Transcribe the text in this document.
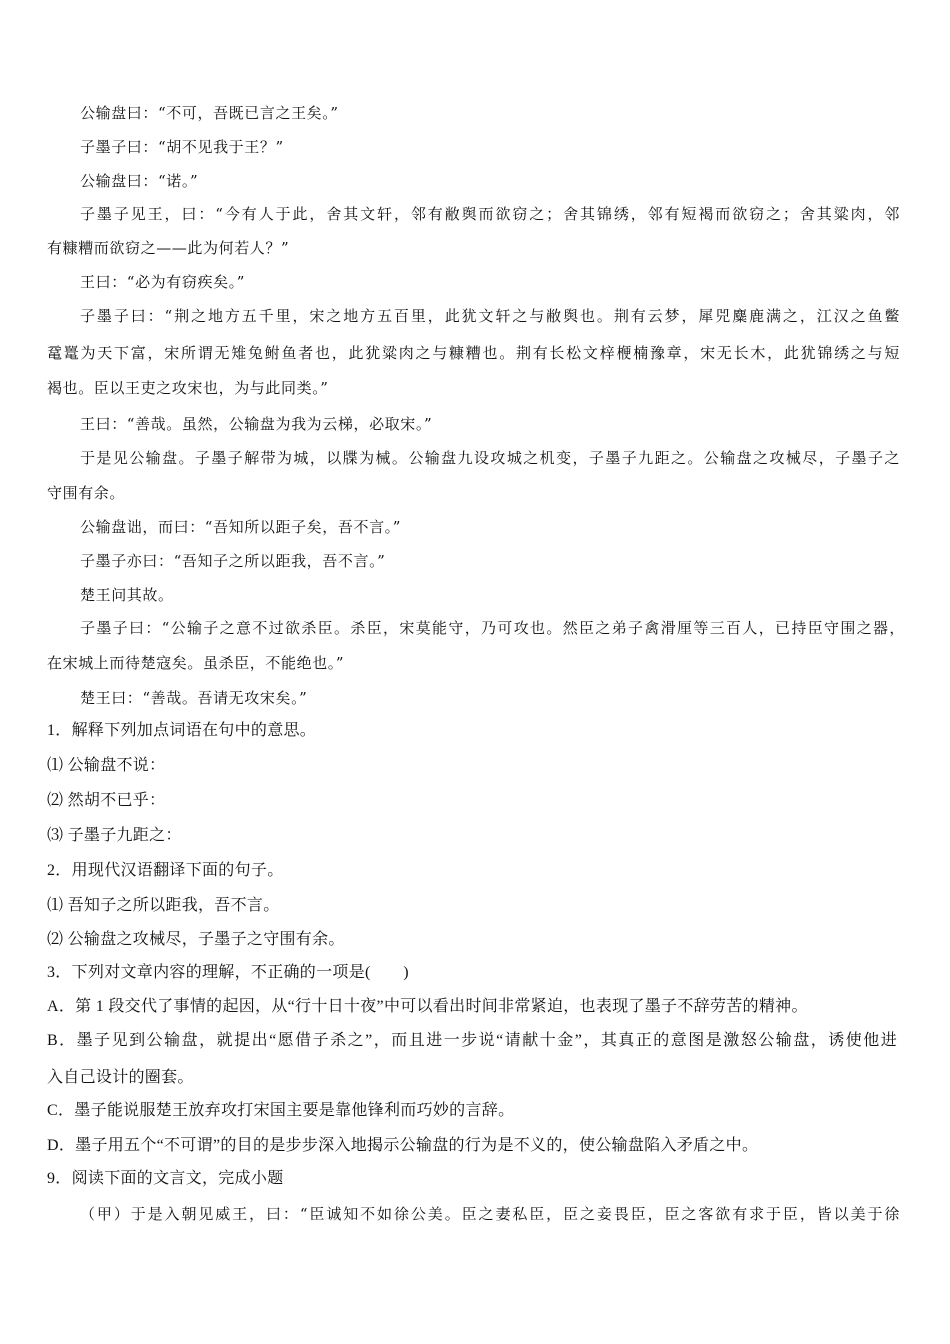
公输盘曰：“不可，吾既已言之王矣。”
子墨子曰：“胡不见我于王？”
公输盘曰：“诺。”
子墨子见王，曰：“今有人于此，舍其文轩，邻有敝舆而欲窃之；舍其锦绣，邻有短褐而欲窃之；舍其粱肉，邻
有糠糟而欲窃之——此为何若人？”
王曰：“必为有窃疾矣。”
子墨子曰：“荆之地方五千里，宋之地方五百里，此犹文轩之与敝舆也。荆有云梦，犀兕麋鹿满之，江汉之鱼鳖
鼋鼍为天下富，宋所谓无雉兔鲋鱼者也，此犹粱肉之与糠糟也。荆有长松文梓楩楠豫章，宋无长木，此犹锦绣之与短
褐也。臣以王吏之攻宋也，为与此同类。”
王曰：“善哉。虽然，公输盘为我为云梯，必取宋。”
于是见公输盘。子墨子解带为城，以牒为械。公输盘九设攻城之机变，子墨子九距之。公输盘之攻械尽，子墨子之
守围有余。
公输盘诎，而曰：“吾知所以距子矣，吾不言。”
子墨子亦曰：“吾知子之所以距我，吾不言。”
楚王问其故。
子墨子曰：“公输子之意不过欲杀臣。杀臣，宋莫能守，乃可攻也。然臣之弟子禽滑厘等三百人，已持臣守围之器，
在宋城上而待楚寇矣。虽杀臣，不能绝也。”
楚王曰：“善哉。吾请无攻宋矣。”
1．解释下列加点词语在句中的意思。
⑴ 公输盘不说：
⑵ 然胡不已乎：
⑶ 子墨子九距之：
2．用现代汉语翻译下面的句子。
⑴ 吾知子之所以距我，吾不言。
⑵ 公输盘之攻械尽，子墨子之守围有余。
3．下列对文章内容的理解，不正确的一项是(　　)
A．第 1 段交代了事情的起因，从“行十日十夜”中可以看出时间非常紧迫，也表现了墨子不辞劳苦的精神。
B．墨子见到公输盘，就提出“愿借子杀之”，而且进一步说“请献十金”，其真正的意图是激怒公输盘，诱使他进
入自己设计的圈套。
C．墨子能说服楚王放弃攻打宋国主要是靠他锋利而巧妙的言辞。
D．墨子用五个“不可谓”的目的是步步深入地揭示公输盘的行为是不义的，使公输盘陷入矛盾之中。
9．阅读下面的文言文，完成小题
（甲）于是入朝见威王，曰：“臣诚知不如徐公美。臣之妻私臣，臣之妾畏臣，臣之客欲有求于臣，皆以美于徐
